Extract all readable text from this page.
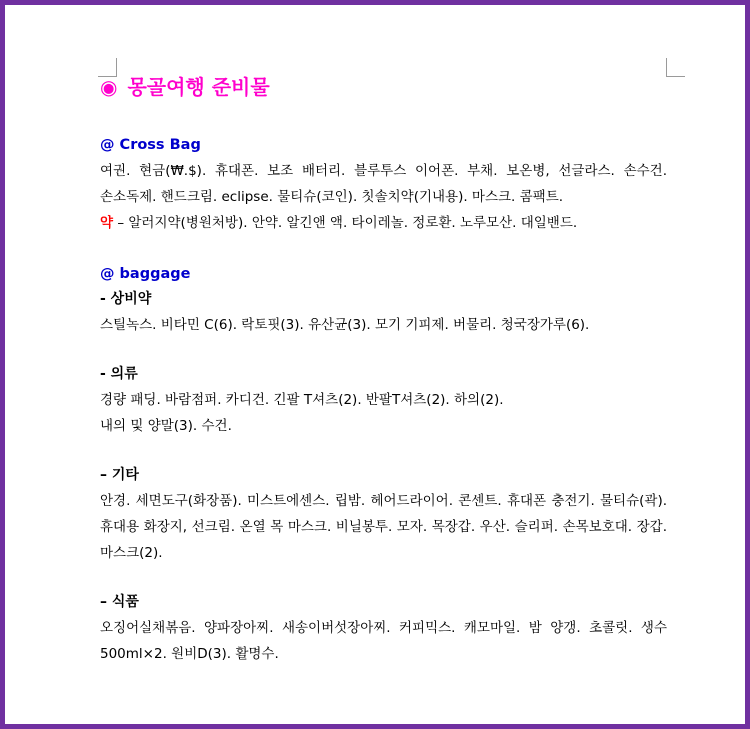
◉ 몽골여행 준비물
@ Cross Bag
여권. 현금(₩.$). 휴대폰. 보조 배터리. 블루투스 이어폰. 부채. 보온병, 선글라스. 손수건. 손소독제. 핸드크림. eclipse. 물티슈(코인). 칫솔치약(기내용). 마스크. 콤팩트.
약 – 알러지약(병원처방). 안약. 알긴앤 액. 타이레놀. 정로환. 노루모산. 대일밴드.
@ baggage
- 상비약
스틸녹스. 비타민 C(6). 락토핏(3). 유산균(3). 모기 기피제. 버물리. 청국장가루(6).
- 의류
경량 패딩. 바람점퍼. 카디건. 긴팔 T셔츠(2). 반팔T셔츠(2). 하의(2).
내의 및 양말(3). 수건.
– 기타
안경. 세면도구(화장품). 미스트에센스. 립밤. 헤어드라이어. 콘센트. 휴대폰 충전기. 물티슈(곽). 휴대용 화장지, 선크림. 온열 목 마스크. 비닐봉투. 모자. 목장갑. 우산. 슬리퍼. 손목보호대. 장갑. 마스크(2).
– 식품
오징어실채볶음. 양파장아찌. 새송이버섯장아찌. 커피믹스. 캐모마일. 밤 양갱. 초콜릿. 생수 500ml×2. 원비D(3). 활명수.
